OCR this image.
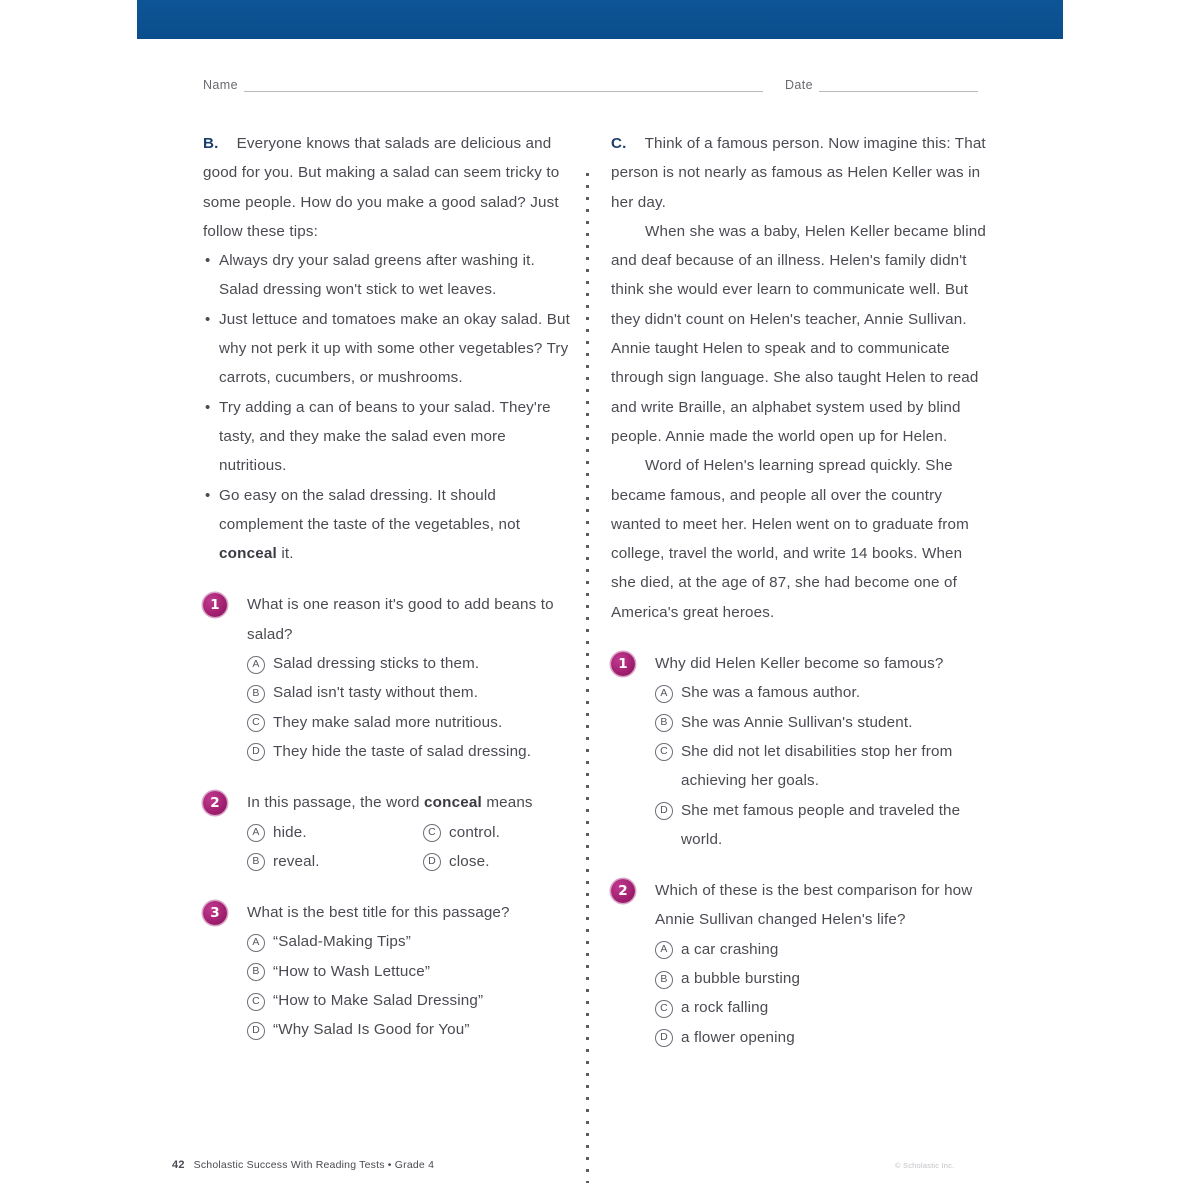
Name	Date

B. Everyone knows that salads are delicious and good for you. But making a salad can seem tricky to some people. How do you make a good salad? Just follow these tips:

• Always dry your salad greens after washing it. Salad dressing won't stick to wet leaves.
• Just lettuce and tomatoes make an okay salad. But why not perk it up with some other vegetables? Try carrots, cucumbers, or mushrooms.
• Try adding a can of beans to your salad. They're tasty, and they make the salad even more nutritious.
• Go easy on the salad dressing. It should complement the taste of the vegetables, not conceal it.
1	What is one reason it's good to add beans to salad?
A Salad dressing sticks to them.
B Salad isn't tasty without them.
C They make salad more nutritious.
D They hide the taste of salad dressing.
2	In this passage, the word conceal means
A hide.	C control.
B reveal.	D close.
3	What is the best title for this passage?
A “Salad-Making Tips”
B “How to Wash Lettuce”
C “How to Make Salad Dressing”
D “Why Salad Is Good for You”

C. Think of a famous person. Now imagine this: That person is not nearly as famous as Helen Keller was in her day.

When she was a baby, Helen Keller became blind and deaf because of an illness. Helen's family didn't think she would ever learn to communicate well. But they didn't count on Helen's teacher, Annie Sullivan. Annie taught Helen to speak and to communicate through sign language. She also taught Helen to read and write Braille, an alphabet system used by blind people. Annie made the world open up for Helen.

Word of Helen's learning spread quickly. She became famous, and people all over the country wanted to meet her. Helen went on to graduate from college, travel the world, and write 14 books. When she died, at the age of 87, she had become one of America's great heroes.

1	Why did Helen Keller become so famous?
A She was a famous author.
B She was Annie Sullivan's student.
C She did not let disabilities stop her from achieving her goals.
D She met famous people and traveled the world.
2	Which of these is the best comparison for how Annie Sullivan changed Helen's life?
A a car crashing
B a bubble bursting
C a rock falling
D a flower opening
42 Scholastic Success With Reading Tests • Grade 4	© Scholastic Inc.
